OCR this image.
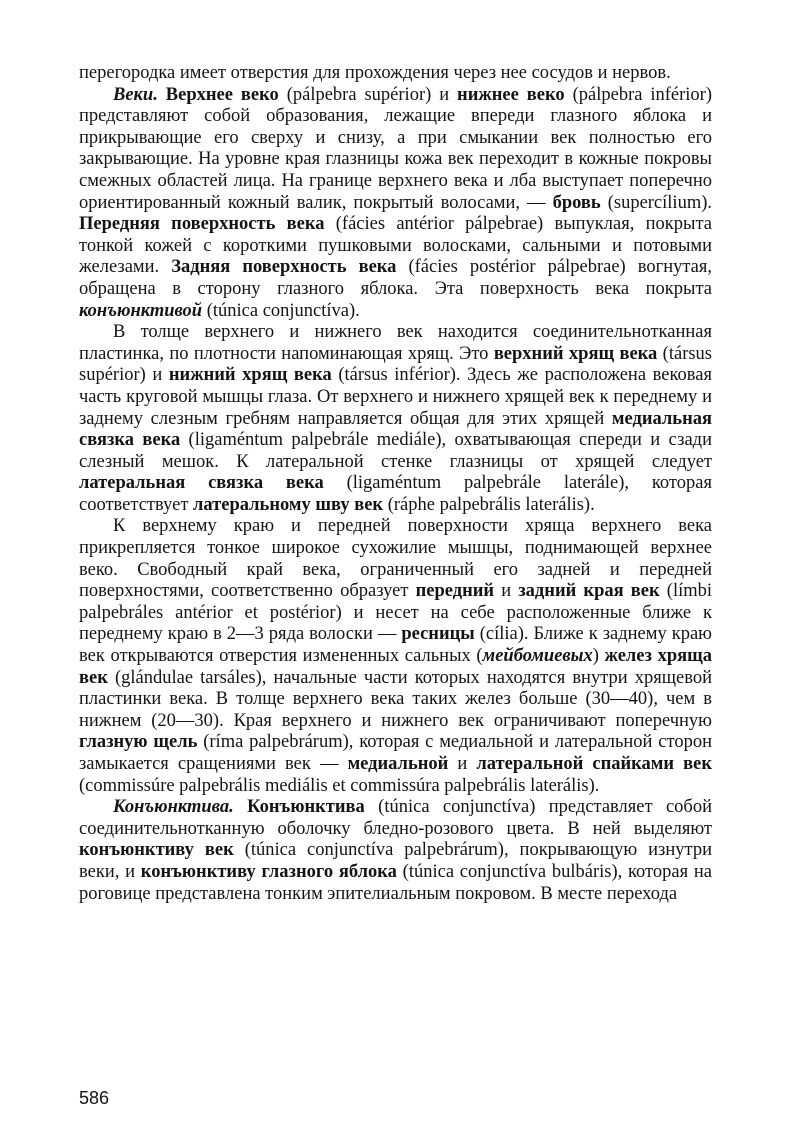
перегородка имеет отверстия для прохождения через нее сосудов и нервов.

Веки. Верхнее веко (pálpebra supérior) и нижнее веко (pálpebra inférior) представляют собой образования, лежащие впереди глазного яблока и прикрывающие его сверху и снизу, а при смыкании век полностью его закрывающие. На уровне края глазницы кожа век переходит в кожные покровы смежных областей лица. На границе верхнего века и лба выступает поперечно ориентированный кожный валик, покрытый волосами, — бровь (supercílium). Передняя поверхность века (fácies antérior pálpebrae) выпуклая, покрыта тонкой кожей с короткими пушковыми волосками, сальными и потовыми железами. Задняя поверхность века (fácies postérior pálpebrae) вогнутая, обращена в сторону глазного яблока. Эта поверхность века покрыта конъюнктивой (túnica conjunctíva).

В толще верхнего и нижнего век находится соединительнотканная пластинка, по плотности напоминающая хрящ. Это верхний хрящ века (társus supérior) и нижний хрящ века (társus inférior). Здесь же расположена вековая часть круговой мышцы глаза. От верхнего и нижнего хрящей век к переднему и заднему слезным гребням направляется общая для этих хрящей медиальная связка века (ligaméntum palpebrále mediále), охватывающая спереди и сзади слезный мешок. К латеральной стенке глазницы от хрящей следует латеральная связка века (ligaméntum palpebrále laterále), которая соответствует латеральному шву век (ráphe palpebrális laterális).

К верхнему краю и передней поверхности хряща верхнего века прикрепляется тонкое широкое сухожилие мышцы, поднимающей верхнее веко. Свободный край века, ограниченный его задней и передней поверхностями, соответственно образует передний и задний края век (límbi palpebráles antérior et postérior) и несет на себе расположенные ближе к переднему краю в 2—3 ряда волоски — ресницы (cília). Ближе к заднему краю век открываются отверстия измененных сальных (мейбомиевых) желез хряща век (glándulae tarsáles), начальные части которых находятся внутри хрящевой пластинки века. В толще верхнего века таких желез больше (30—40), чем в нижнем (20—30). Края верхнего и нижнего век ограничивают поперечную глазную щель (ríma palpebrárum), которая с медиальной и латеральной сторон замыкается сращениями век — медиальной и латеральной спайками век (commissúre palpebrális mediális et commissúra palpebrális laterális).

Конъюнктива. Конъюнктива (túnica conjunctíva) представляет собой соединительнотканную оболочку бледно-розового цвета. В ней выделяют конъюнктиву век (túnica conjunctíva palpebrárum), покрывающую изнутри веки, и конъюнктиву глазного яблока (túnica conjunctíva bulbáris), которая на роговице представлена тонким эпителиальным покровом. В месте перехода

586
